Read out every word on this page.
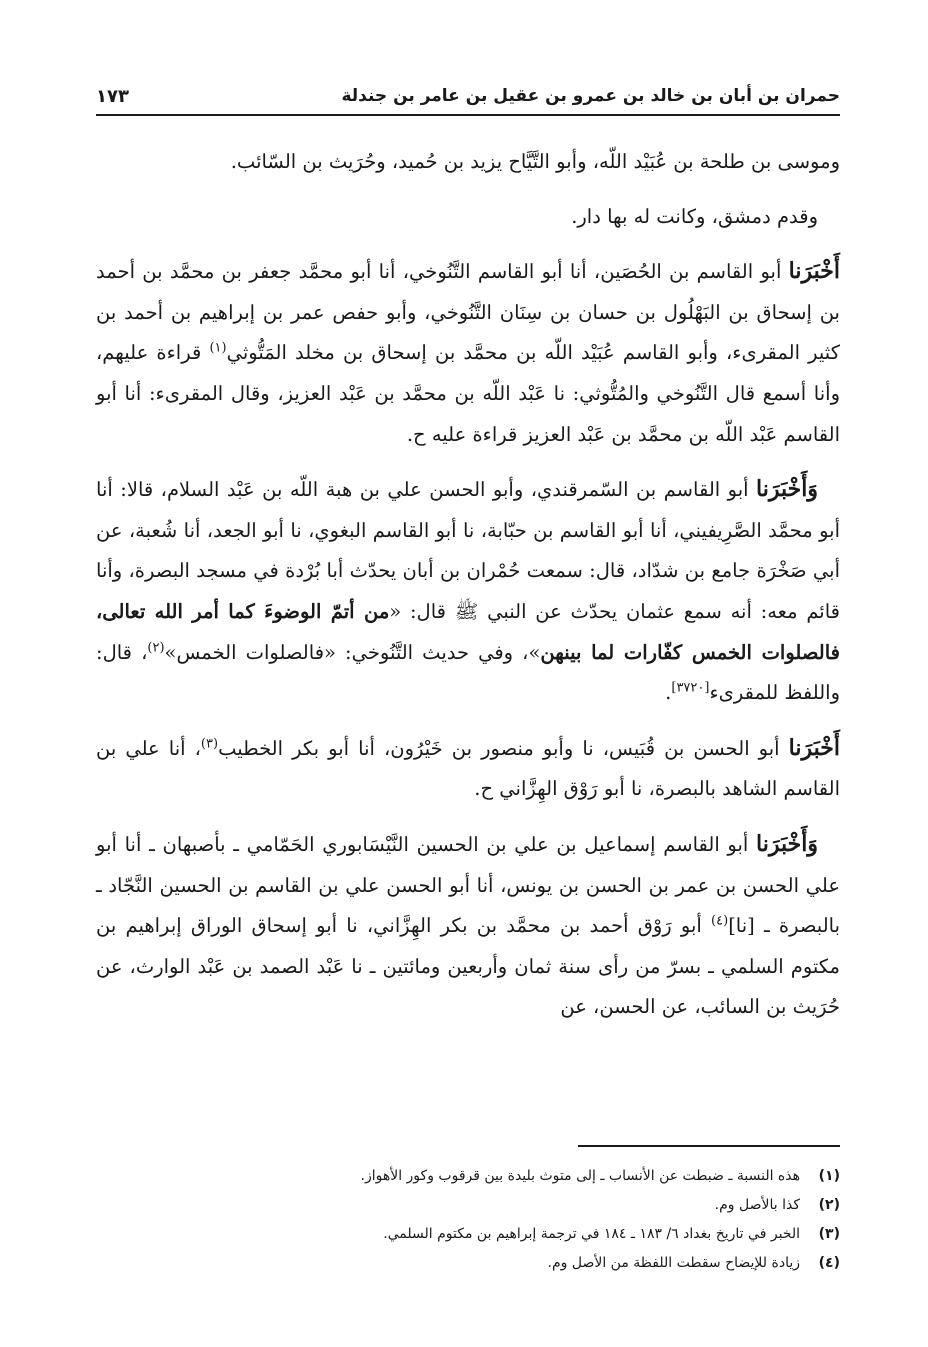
حمران بن أبان بن خالد بن عمرو بن عقيل بن عامر بن جندلة
١٧٣

وموسى بن طلحة بن عُبَيْد اللّه، وأبو التَّيَّاح يزيد بن حُميد، وحُرَيث بن السّائب.

وقدم دمشق، وكانت له بها دار.

أَخْبَرَنا أبو القاسم بن الحُصَين، أنا أبو القاسم التَّنُوخي، أنا أبو محمَّد جعفر بن محمَّد بن أحمد بن إسحاق بن البَهْلُول بن حسان بن سِنَان التَّنُوخي، وأبو حفص عمر بن إبراهيم بن أحمد بن كثير المقرىء، وأبو القاسم عُبَيْد اللّه بن محمَّد بن إسحاق بن مخلد المَتُّوثي$^{(١)}$ قراءة عليهم، وأنا أسمع قال التَّنُوخي والمُتُّوثي: نا عَبْد اللّه بن محمَّد بن عَبْد العزيز، وقال المقرىء: أنا أبو القاسم عَبْد اللّه بن محمَّد بن عَبْد العزيز قراءة عليه ح.

وَأَخْبَرَنا أبو القاسم بن السّمرقندي، وأبو الحسن علي بن هبة اللّه بن عَبْد السلام، قالا: أنا أبو محمَّد الصَّرِيفيني، أنا أبو القاسم بن حبّابة، نا أبو القاسم البغوي، نا أبو الجعد، أنا شُعبة، عن أبي صَخْرَة جامع بن شدّاد، قال: سمعت حُمْران بن أبان يحدّث أبا بُرْدة في مسجد البصرة، وأنا قائم معه: أنه سمع عثمان يحدّث عن النبي ﷺ قال: «من أتمّ الوضوءَ كما أمر الله تعالى، فالصلوات الخمس كفّارات لما بينهن»، وفي حديث التَّنُوخي: «فالصلوات الخمس»$^{(٢)}$، قال: واللفظ للمقرىء[٣٧٢٠].

أَخْبَرَنا أبو الحسن بن قُبَيس، نا وأبو منصور بن خَيْرُون، أنا أبو بكر الخطيب$^{(٣)}$، أنا علي بن القاسم الشاهد بالبصرة، نا أبو رَوْق الهِزَّاني ح.

وَأَخْبَرَنا أبو القاسم إسماعيل بن علي بن الحسين النَّيْسَابوري الحَمّامي ـ بأصبهان ـ أنا أبو علي الحسن بن عمر بن الحسن بن يونس، أنا أبو الحسن علي بن القاسم بن الحسين النَّجّاد ـ بالبصرة ـ [نا]$^{(٤)}$ أبو رَوْق أحمد بن محمَّد بن بكر الهِزَّاني، نا أبو إسحاق الوراق إبراهيم بن مكتوم السلمي ـ بسرّ من رأى سنة ثمان وأربعين ومائتين ـ نا عَبْد الصمد بن عَبْد الوارث، عن حُرَيث بن السائب، عن الحسن، عن

(١)
هذه النسبة ـ ضبطت عن الأنساب ـ إلى متوث بليدة بين قرقوب وكور الأهواز.
(٢)
كذا بالأصل وم.
(٣)
الخبر في تاريخ بغداد ٦/ ١٨٣ ـ ١٨٤ في ترجمة إبراهيم بن مكتوم السلمي.
(٤)
زيادة للإيضاح سقطت اللفظة من الأصل وم.
